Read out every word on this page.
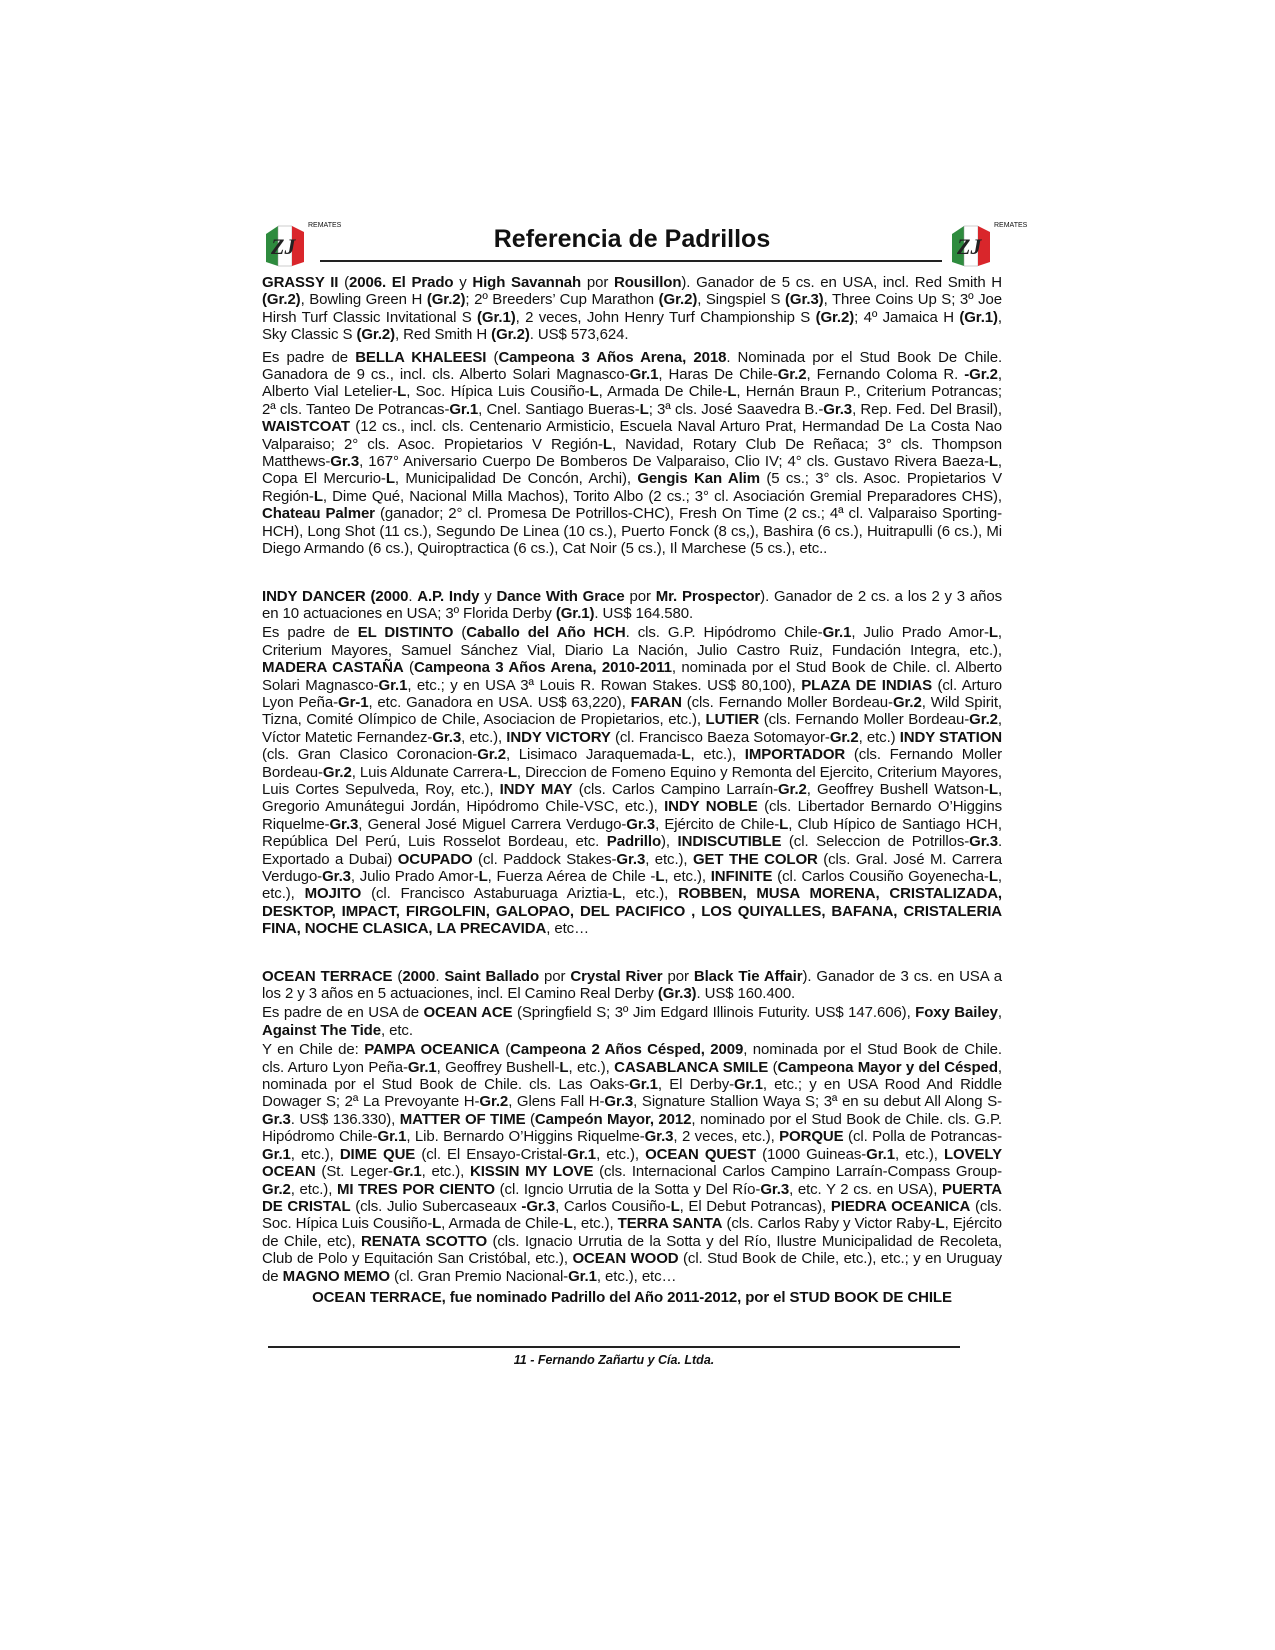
ZJ
REMATES	Referencia de Padrillos	ZJ
REMATES

GRASSY II (2006. El Prado y High Savannah por Rousillon). Ganador de 5 cs. en USA, incl. Red Smith H (Gr.2), Bowling Green H (Gr.2); 2º Breeders’ Cup Marathon (Gr.2), Singspiel S (Gr.3), Three Coins Up S; 3º Joe Hirsh Turf Classic Invitational S (Gr.1), 2 veces, John Henry Turf Championship S (Gr.2); 4º Jamaica H (Gr.1), Sky Classic S (Gr.2), Red Smith H (Gr.2). US$ 573,624.

Es padre de BELLA KHALEESI (Campeona 3 Años Arena, 2018. Nominada por el Stud Book De Chile. Ganadora de 9 cs., incl. cls. Alberto Solari Magnasco-Gr.1, Haras De Chile-Gr.2, Fernando Coloma R. -Gr.2, Alberto Vial Letelier-L, Soc. Hípica Luis Cousiño-L, Armada De Chile-L, Hernán Braun P., Criterium Potrancas; 2ª cls. Tanteo De Potrancas-Gr.1, Cnel. Santiago Bueras-L; 3ª cls. José Saavedra B.-Gr.3, Rep. Fed. Del Brasil), WAISTCOAT (12 cs., incl. cls. Centenario Armisticio, Escuela Naval Arturo Prat, Hermandad De La Costa Nao Valparaiso; 2° cls. Asoc. Propietarios V Región-L, Navidad, Rotary Club De Reñaca; 3° cls. Thompson Matthews-Gr.3, 167° Aniversario Cuerpo De Bomberos De Valparaiso, Clio IV; 4° cls. Gustavo Rivera Baeza-L, Copa El Mercurio-L, Municipalidad De Concón, Archi), Gengis Kan Alim (5 cs.; 3° cls. Asoc. Propietarios V Región-L, Dime Qué, Nacional Milla Machos), Torito Albo (2 cs.; 3° cl. Asociación Gremial Preparadores CHS), Chateau Palmer (ganador; 2° cl. Promesa De Potrillos-CHC), Fresh On Time (2 cs.; 4ª cl. Valparaiso Sporting-HCH), Long Shot (11 cs.), Segundo De Linea (10 cs.), Puerto Fonck (8 cs,), Bashira (6 cs.), Huitrapulli (6 cs.), Mi Diego Armando (6 cs.), Quiroptractica (6 cs.), Cat Noir (5 cs.), Il Marchese (5 cs.), etc..

INDY DANCER (2000. A.P. Indy y Dance With Grace por Mr. Prospector). Ganador de 2 cs. a los 2 y 3 años en 10 actuaciones en USA; 3º Florida Derby (Gr.1). US$ 164.580.

Es padre de EL DISTINTO (Caballo del Año HCH. cls. G.P. Hipódromo Chile-Gr.1, Julio Prado Amor-L, Criterium Mayores, Samuel Sánchez Vial, Diario La Nación, Julio Castro Ruiz, Fundación Integra, etc.), MADERA CASTAÑA (Campeona 3 Años Arena, 2010-2011, nominada por el Stud Book de Chile. cl. Alberto Solari Magnasco-Gr.1, etc.; y en USA 3ª Louis R. Rowan Stakes. US$ 80,100), PLAZA DE INDIAS (cl. Arturo Lyon Peña-Gr-1, etc. Ganadora en USA. US$ 63,220), FARAN (cls. Fernando Moller Bordeau-Gr.2, Wild Spirit, Tizna, Comité Olímpico de Chile, Asociacion de Propietarios, etc.), LUTIER (cls. Fernando Moller Bordeau-Gr.2, Víctor Matetic Fernandez-Gr.3, etc.), INDY VICTORY (cl. Francisco Baeza Sotomayor-Gr.2, etc.) INDY STATION (cls. Gran Clasico Coronacion-Gr.2, Lisimaco Jaraquemada-L, etc.), IMPORTADOR (cls. Fernando Moller Bordeau-Gr.2, Luis Aldunate Carrera-L, Direccion de Fomeno Equino y Remonta del Ejercito, Criterium Mayores, Luis Cortes Sepulveda, Roy, etc.), INDY MAY (cls. Carlos Campino Larraín-Gr.2, Geoffrey Bushell Watson-L, Gregorio Amunátegui Jordán, Hipódromo Chile-VSC, etc.), INDY NOBLE (cls. Libertador Bernardo O’Higgins Riquelme-Gr.3, General José Miguel Carrera Verdugo-Gr.3, Ejército de Chile-L, Club Hípico de Santiago HCH, República Del Perú, Luis Rosselot Bordeau, etc. Padrillo), INDISCUTIBLE (cl. Seleccion de Potrillos-Gr.3. Exportado a Dubai) OCUPADO (cl. Paddock Stakes-Gr.3, etc.), GET THE COLOR (cls. Gral. José M. Carrera Verdugo-Gr.3, Julio Prado Amor-L, Fuerza Aérea de Chile -L, etc.), INFINITE (cl. Carlos Cousiño Goyenecha-L, etc.), MOJITO (cl. Francisco Astaburuaga Ariztia-L, etc.), ROBBEN, MUSA MORENA, CRISTALIZADA, DESKTOP, IMPACT, FIRGOLFIN, GALOPAO, DEL PACIFICO , LOS QUIYALLES, BAFANA, CRISTALERIA FINA, NOCHE CLASICA, LA PRECAVIDA, etc…

OCEAN TERRACE (2000. Saint Ballado por Crystal River por Black Tie Affair). Ganador de 3 cs. en USA a los 2 y 3 años en 5 actuaciones, incl. El Camino Real Derby (Gr.3). US$ 160.400.

Es padre de en USA de OCEAN ACE (Springfield S; 3º Jim Edgard Illinois Futurity. US$ 147.606), Foxy Bailey, Against The Tide, etc.

Y en Chile de: PAMPA OCEANICA (Campeona 2 Años Césped, 2009, nominada por el Stud Book de Chile. cls. Arturo Lyon Peña-Gr.1, Geoffrey Bushell-L, etc.), CASABLANCA SMILE (Campeona Mayor y del Césped, nominada por el Stud Book de Chile. cls. Las Oaks-Gr.1, El Derby-Gr.1, etc.; y en USA Rood And Riddle Dowager S; 2ª La Prevoyante H-Gr.2, Glens Fall H-Gr.3, Signature Stallion Waya S; 3ª en su debut All Along S-Gr.3. US$ 136.330), MATTER OF TIME (Campeón Mayor, 2012, nominado por el Stud Book de Chile. cls. G.P. Hipódromo Chile-Gr.1, Lib. Bernardo O’Higgins Riquelme-Gr.3, 2 veces, etc.), PORQUE (cl. Polla de Potrancas-Gr.1, etc.), DIME QUE (cl. El Ensayo-Cristal-Gr.1, etc.), OCEAN QUEST (1000 Guineas-Gr.1, etc.), LOVELY OCEAN (St. Leger-Gr.1, etc.), KISSIN MY LOVE (cls. Internacional Carlos Campino Larraín-Compass Group-Gr.2, etc.), MI TRES POR CIENTO (cl. Igncio Urrutia de la Sotta y Del Río-Gr.3, etc. Y 2 cs. en USA), PUERTA DE CRISTAL (cls. Julio Subercaseaux -Gr.3, Carlos Cousiño-L, El Debut Potrancas), PIEDRA OCEANICA (cls. Soc. Hípica Luis Cousiño-L, Armada de Chile-L, etc.), TERRA SANTA (cls. Carlos Raby y Victor Raby-L, Ejército de Chile, etc), RENATA SCOTTO (cls. Ignacio Urrutia de la Sotta y del Río, Ilustre Municipalidad de Recoleta, Club de Polo y Equitación San Cristóbal, etc.), OCEAN WOOD (cl. Stud Book de Chile, etc.), etc.; y en Uruguay de MAGNO MEMO (cl. Gran Premio Nacional-Gr.1, etc.), etc…

OCEAN TERRACE, fue nominado Padrillo del Año 2011-2012, por el STUD BOOK DE CHILE
11 - Fernando Zañartu y Cía. Ltda.
